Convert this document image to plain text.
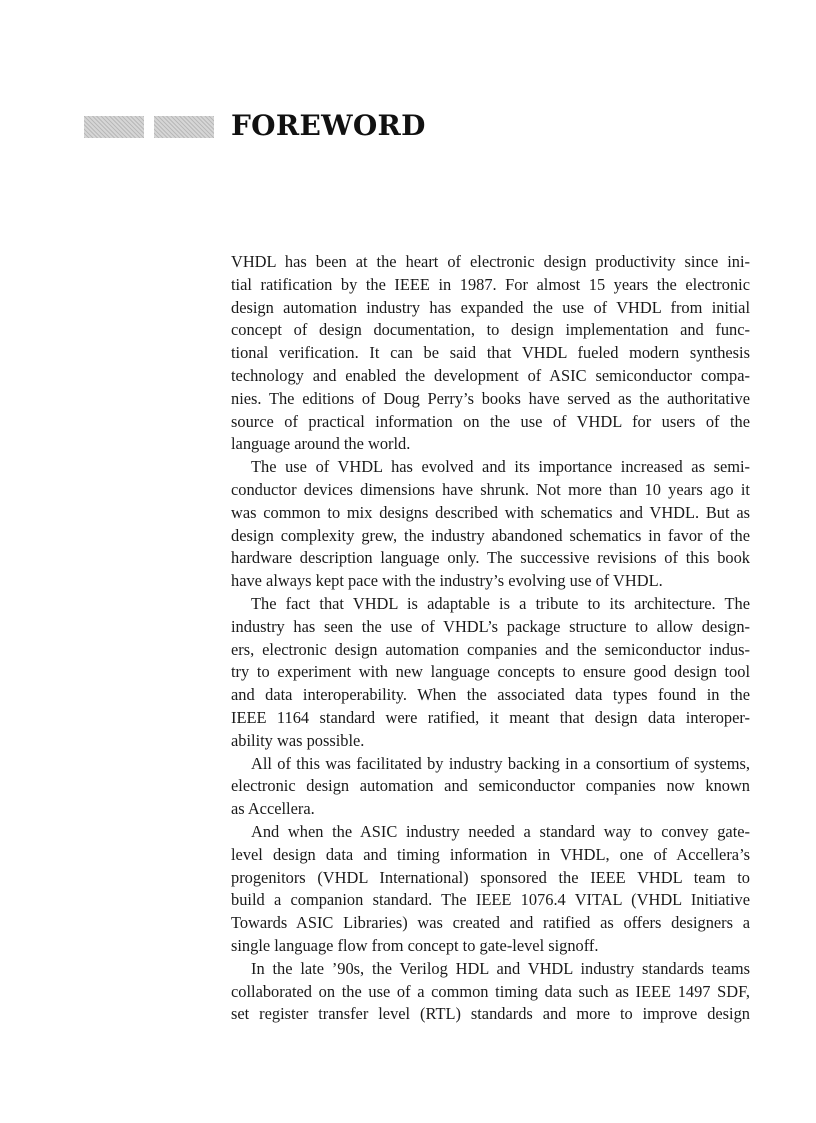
FOREWORD
VHDL has been at the heart of electronic design productivity since ini-
tial ratification by the IEEE in 1987. For almost 15 years the electronic
design automation industry has expanded the use of VHDL from initial
concept of design documentation, to design implementation and func-
tional verification. It can be said that VHDL fueled modern synthesis
technology and enabled the development of ASIC semiconductor compa-
nies. The editions of Doug Perry’s books have served as the authoritative
source of practical information on the use of VHDL for users of the
language around the world.
The use of VHDL has evolved and its importance increased as semi-
conductor devices dimensions have shrunk. Not more than 10 years ago it
was common to mix designs described with schematics and VHDL. But as
design complexity grew, the industry abandoned schematics in favor of the
hardware description language only. The successive revisions of this book
have always kept pace with the industry’s evolving use of VHDL.
The fact that VHDL is adaptable is a tribute to its architecture. The
industry has seen the use of VHDL’s package structure to allow design-
ers, electronic design automation companies and the semiconductor indus-
try to experiment with new language concepts to ensure good design tool
and data interoperability. When the associated data types found in the
IEEE 1164 standard were ratified, it meant that design data interoper-
ability was possible.
All of this was facilitated by industry backing in a consortium of systems,
electronic design automation and semiconductor companies now known
as Accellera.
And when the ASIC industry needed a standard way to convey gate-
level design data and timing information in VHDL, one of Accellera’s
progenitors (VHDL International) sponsored the IEEE VHDL team to
build a companion standard. The IEEE 1076.4 VITAL (VHDL Initiative
Towards ASIC Libraries) was created and ratified as offers designers a
single language flow from concept to gate-level signoff.
In the late ’90s, the Verilog HDL and VHDL industry standards teams
collaborated on the use of a common timing data such as IEEE 1497 SDF,
set register transfer level (RTL) standards and more to improve design
